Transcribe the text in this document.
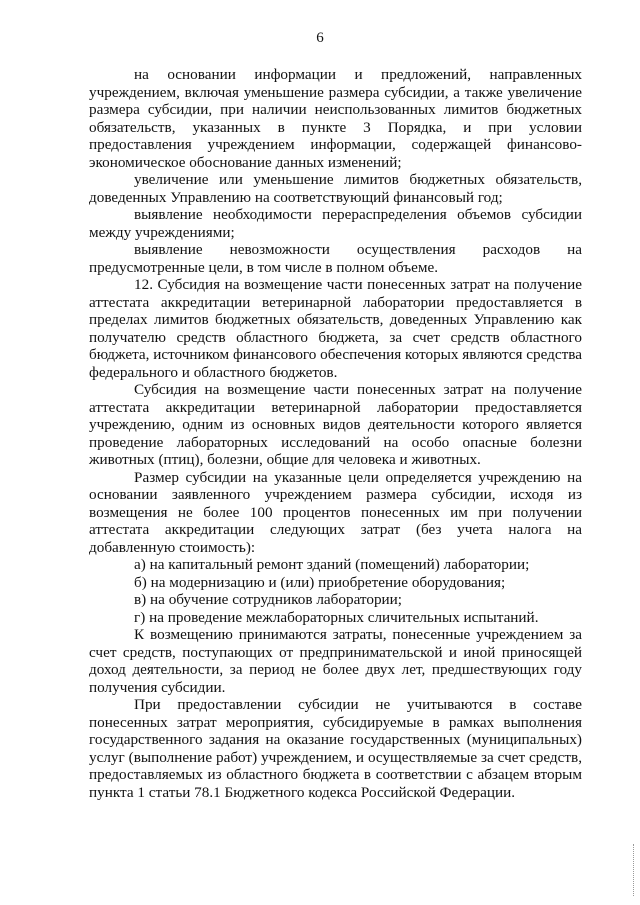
6

на основании информации и предложений, направленных учреждением, включая уменьшение размера субсидии, а также увеличение размера субсидии, при наличии неиспользованных лимитов бюджетных обязательств, указанных в пункте 3 Порядка, и при условии предоставления учреждением информации, содержащей финансово-экономическое обоснование данных изменений;

увеличение или уменьшение лимитов бюджетных обязательств, доведенных Управлению на соответствующий финансовый год;

выявление необходимости перераспределения объемов субсидии между учреждениями;

выявление невозможности осуществления расходов на предусмотренные цели, в том числе в полном объеме.

12. Субсидия на возмещение части понесенных затрат на получение аттестата аккредитации ветеринарной лаборатории предоставляется в пределах лимитов бюджетных обязательств, доведенных Управлению как получателю средств областного бюджета, за счет средств областного бюджета, источником финансового обеспечения которых являются средства федерального и областного бюджетов.

Субсидия на возмещение части понесенных затрат на получение аттестата аккредитации ветеринарной лаборатории предоставляется учреждению, одним из основных видов деятельности которого является проведение лабораторных исследований на особо опасные болезни животных (птиц), болезни, общие для человека и животных.

Размер субсидии на указанные цели определяется учреждению на основании заявленного учреждением размера субсидии, исходя из возмещения не более 100 процентов понесенных им при получении аттестата аккредитации следующих затрат (без учета налога на добавленную стоимость):

а) на капитальный ремонт зданий (помещений) лаборатории;

б) на модернизацию и (или) приобретение оборудования;

в) на обучение сотрудников лаборатории;

г) на проведение межлабораторных сличительных испытаний.

К возмещению принимаются затраты, понесенные учреждением за счет средств, поступающих от предпринимательской и иной приносящей доход деятельности, за период не более двух лет, предшествующих году получения субсидии.

При предоставлении субсидии не учитываются в составе понесенных затрат мероприятия, субсидируемые в рамках выполнения государственного задания на оказание государственных (муниципальных) услуг (выполнение работ) учреждением, и осуществляемые за счет средств, предоставляемых из областного бюджета в соответствии с абзацем вторым пункта 1 статьи 78.1 Бюджетного кодекса Российской Федерации.
